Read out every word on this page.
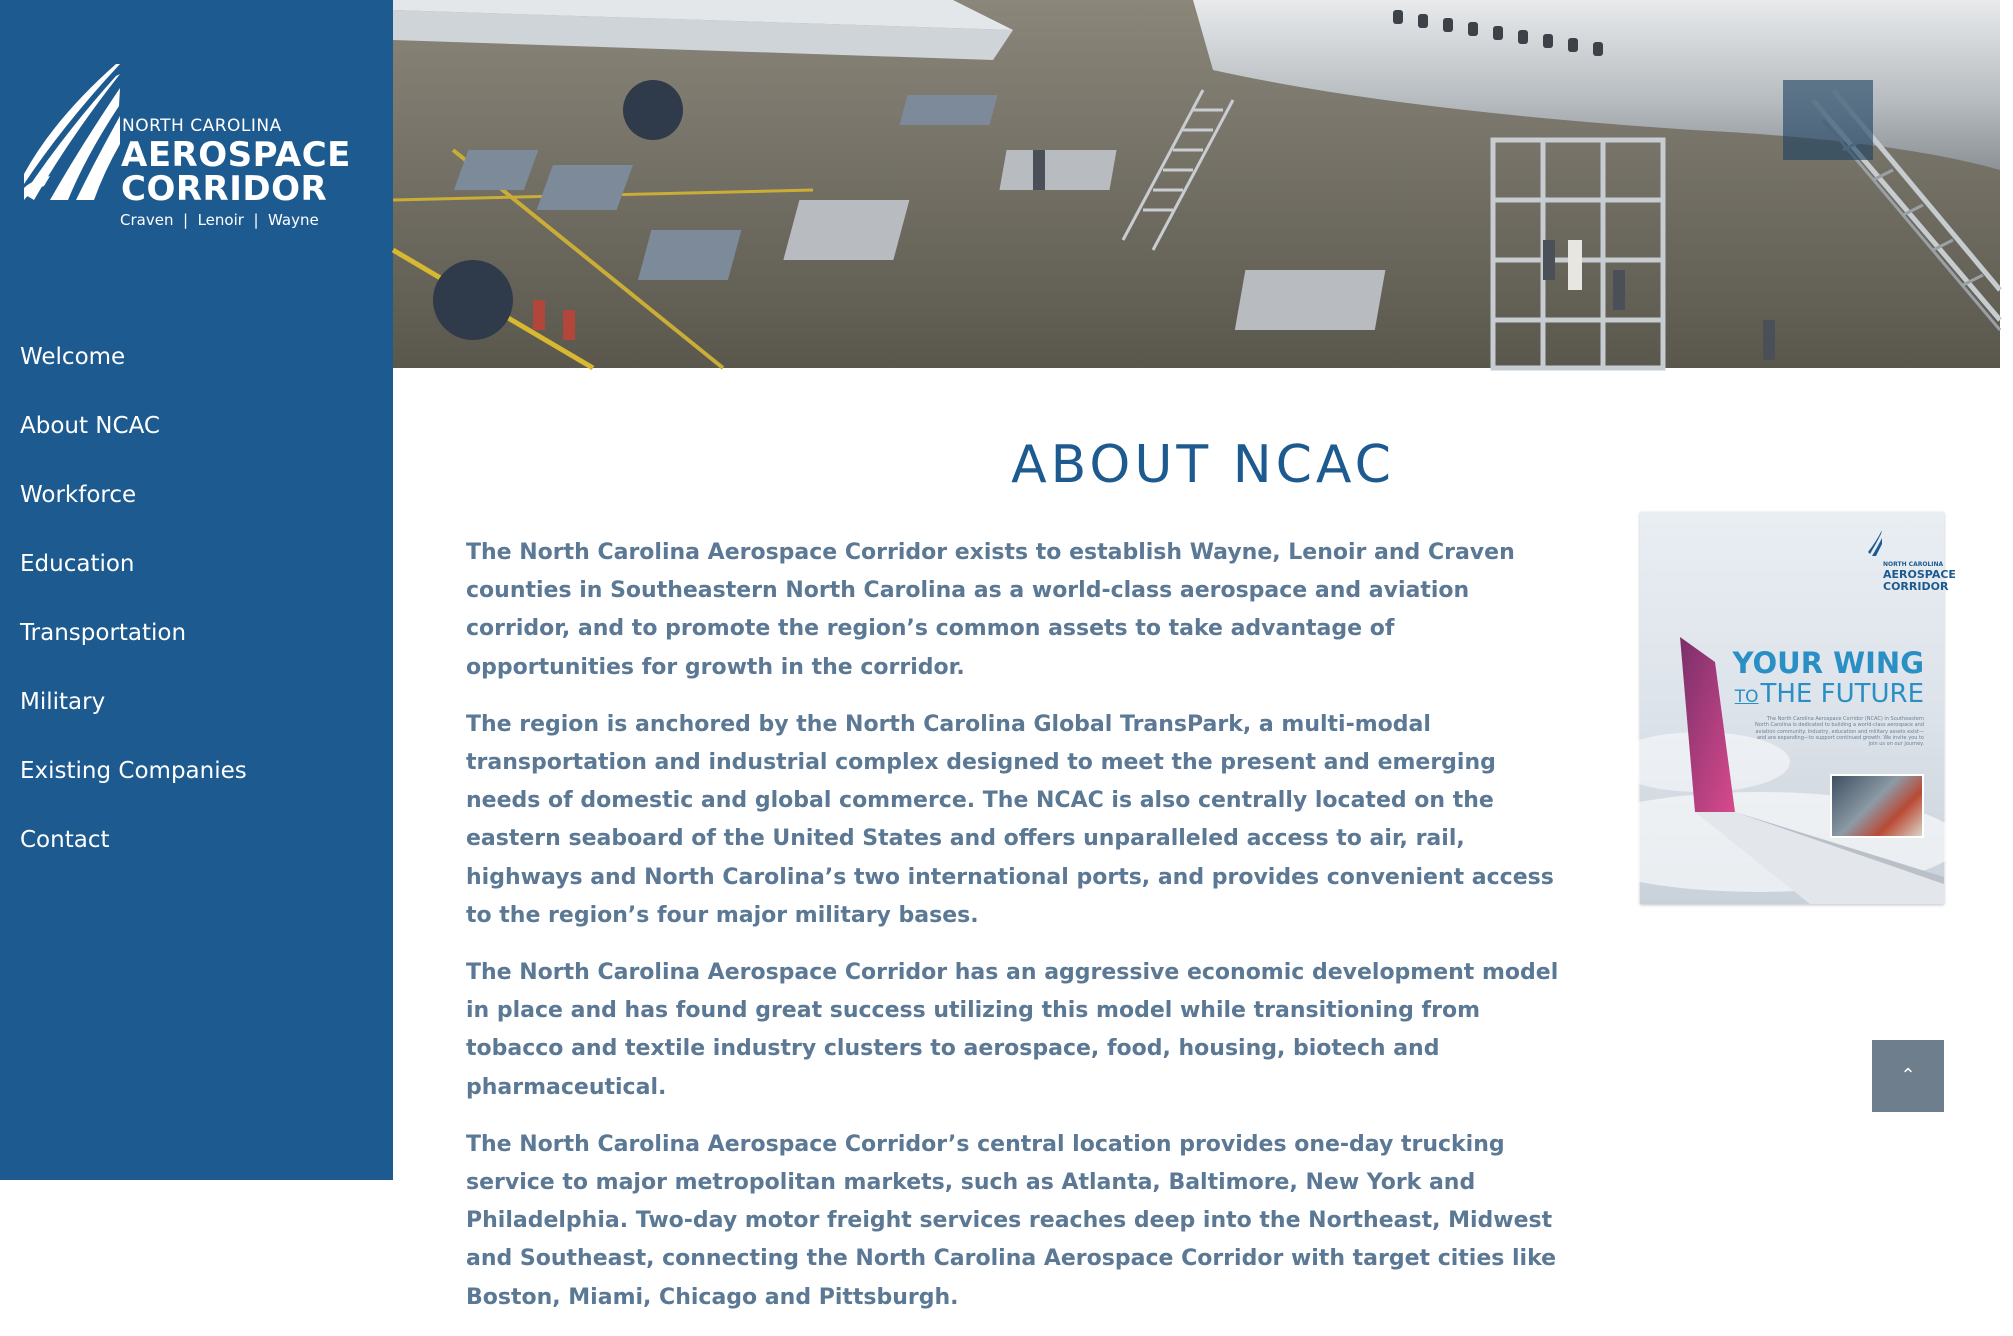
NORTH CAROLINA
AEROSPACE
CORRIDOR
Craven  |  Lenoir  |  Wayne
Welcome
About NCAC
Workforce
Education
Transportation
Military
Existing Companies
Contact
ABOUT NCAC

The North Carolina Aerospace Corridor exists to establish Wayne, Lenoir and Craven counties in Southeastern North Carolina as a world-class aerospace and aviation corridor, and to promote the region’s common assets to take advantage of opportunities for growth in the corridor.

The region is anchored by the North Carolina Global TransPark, a multi-modal transportation and industrial complex designed to meet the present and emerging needs of domestic and global commerce. The NCAC is also centrally located on the eastern seaboard of the United States and offers unparalleled access to air, rail, highways and North Carolina’s two international ports, and provides convenient access to the region’s four major military bases.

The North Carolina Aerospace Corridor has an aggressive economic development model in place and has found great success utilizing this model while transitioning from tobacco and textile industry clusters to aerospace, food, housing, biotech and pharmaceutical.

The North Carolina Aerospace Corridor’s central location provides one-day trucking service to major metropolitan markets, such as Atlanta, Baltimore, New York and Philadelphia. Two-day motor freight services reaches deep into the Northeast, Midwest and Southeast, connecting the North Carolina Aerospace Corridor with target cities like Boston, Miami, Chicago and Pittsburgh.

NORTH CAROLINA
AEROSPACE
CORRIDOR
YOUR WING
TOTHE FUTURE
The North Carolina Aerospace Corridor (NCAC) in Southeastern North Carolina is dedicated to building a world-class aerospace and aviation community. Industry, education and military assets exist—and are expanding—to support continued growth. We invite you to join us on our journey.
⌃
